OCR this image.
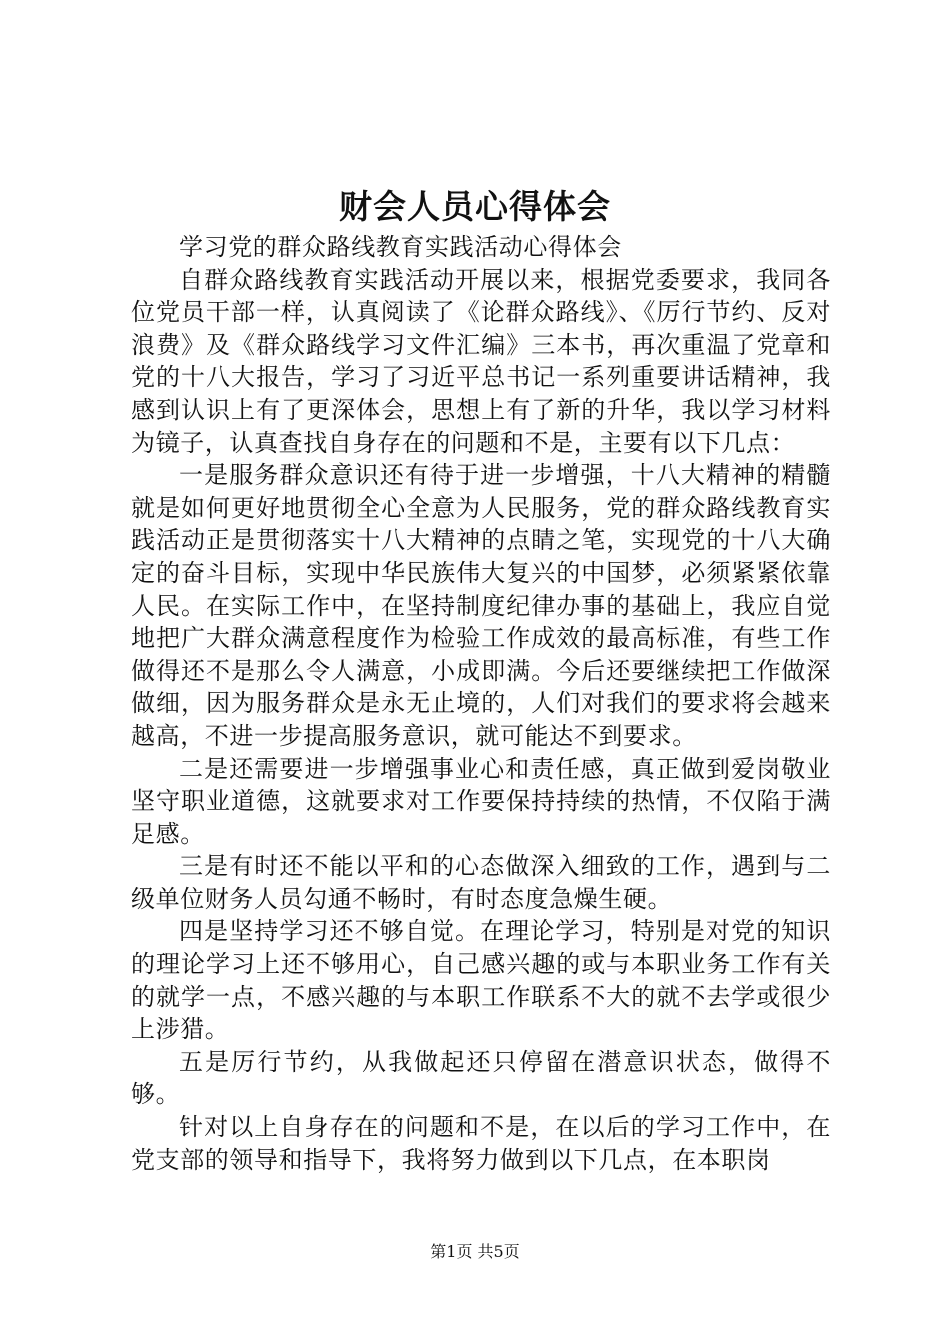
财会人员心得体会

学习党的群众路线教育实践活动心得体会

自群众路线教育实践活动开展以来，根据党委要求，我同各位党员干部一样，认真阅读了《论群众路线》、《厉行节约、反对浪费》及《群众路线学习文件汇编》三本书，再次重温了党章和党的十八大报告，学习了习近平总书记一系列重要讲话精神，我感到认识上有了更深体会，思想上有了新的升华，我以学习材料为镜子，认真查找自身存在的问题和不是，主要有以下几点：

一是服务群众意识还有待于进一步增强，十八大精神的精髓就是如何更好地贯彻全心全意为人民服务，党的群众路线教育实践活动正是贯彻落实十八大精神的点睛之笔，实现党的十八大确定的奋斗目标，实现中华民族伟大复兴的中国梦，必须紧紧依靠人民。在实际工作中，在坚持制度纪律办事的基础上，我应自觉地把广大群众满意程度作为检验工作成效的最高标准，有些工作做得还不是那么令人满意，小成即满。今后还要继续把工作做深做细，因为服务群众是永无止境的，人们对我们的要求将会越来越高，不进一步提高服务意识，就可能达不到要求。

二是还需要进一步增强事业心和责任感，真正做到爱岗敬业坚守职业道德，这就要求对工作要保持持续的热情，不仅陷于满足感。

三是有时还不能以平和的心态做深入细致的工作，遇到与二级单位财务人员勾通不畅时，有时态度急燥生硬。

四是坚持学习还不够自觉。在理论学习，特别是对党的知识的理论学习上还不够用心，自己感兴趣的或与本职业务工作有关的就学一点，不感兴趣的与本职工作联系不大的就不去学或很少上涉猎。

五是厉行节约，从我做起还只停留在潜意识状态，做得不够。

针对以上自身存在的问题和不是，在以后的学习工作中，在党支部的领导和指导下，我将努力做到以下几点，在本职岗

第1页 共5页
